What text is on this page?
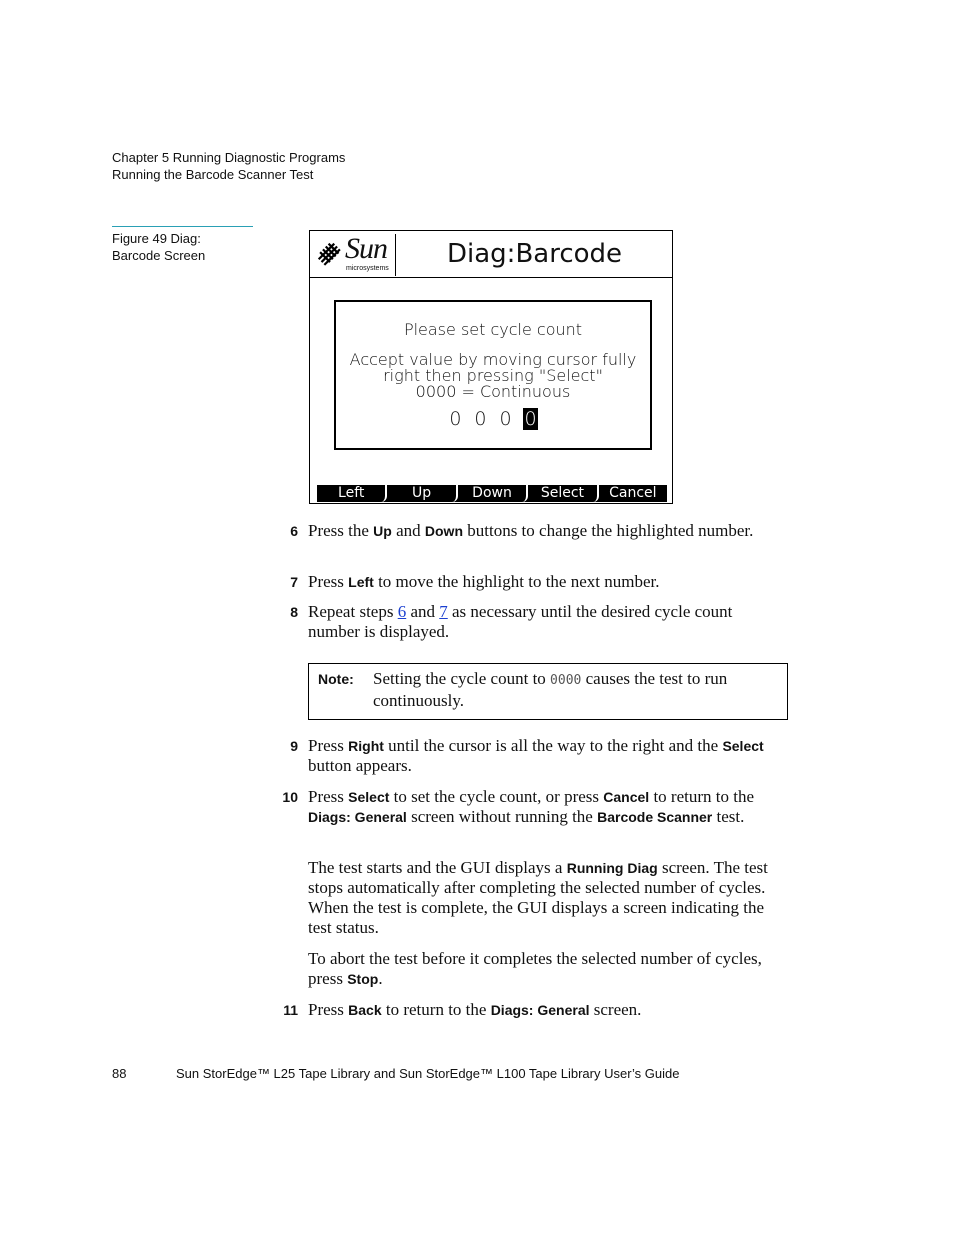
Chapter 5 Running Diagnostic Programs
Running the Barcode Scanner Test
Figure 49 Diag:
Barcode Screen	Sun
microsystems Diag:Barcode
Please set cycle count
Accept value by moving cursor fully
right then pressing "Select"
0000 = Continuous
0 0 0 0
Left	Up	Down	Select	Cancel
6 Press the Up and Down buttons to change the highlighted number.
7 Press Left to move the highlight to the next number.
8 Repeat steps 6 and 7 as necessary until the desired cycle count number is displayed.
Note: Setting the cycle count to 0000 causes the test to run continuously.
9 Press Right until the cursor is all the way to the right and the Select button appears.
10 Press Select to set the cycle count, or press Cancel to return to the Diags: General screen without running the Barcode Scanner test.
The test starts and the GUI displays a Running Diag screen. The test stops automatically after completing the selected number of cycles. When the test is complete, the GUI displays a screen indicating the test status.
To abort the test before it completes the selected number of cycles, press Stop.
11 Press Back to return to the Diags: General screen.
88	Sun StorEdge™ L25 Tape Library and Sun StorEdge™ L100 Tape Library User’s Guide
